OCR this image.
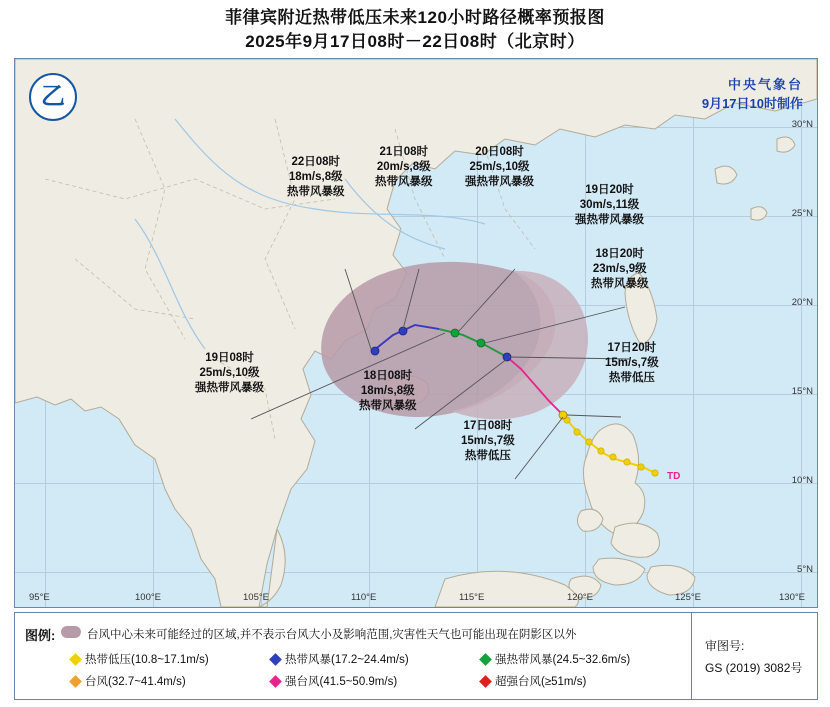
菲律宾附近热带低压未来120小时路径概率预报图
2025年9月17日08时－22日08时（北京时）
95°E	100°E	105°E	110°E	115°E	120°E	125°E	130°E
30°N
25°N
20°N
15°N
10°N
5°N
乙	中央气象台
9月17日10时制作
TD
22日08时
18m/s,8级
热带风暴级
21日08时
20m/s,8级
热带风暴级
20日08时
25m/s,10级
强热带风暴级
19日20时
30m/s,11级
强热带风暴级
18日20时
23m/s,9级
热带风暴级
17日20时
15m/s,7级
热带低压
19日08时
25m/s,10级
强热带风暴级
18日08时
18m/s,8级
热带风暴级
17日08时
15m/s,7级
热带低压
图例:	台风中心未来可能经过的区域,并不表示台风大小及影响范围,灾害性天气也可能出现在阴影区以外
热带低压(10.8~17.1m/s)	热带风暴(17.2~24.4m/s)	强热带风暴(24.5~32.6m/s)
台风(32.7~41.4m/s)	强台风(41.5~50.9m/s)	超强台风(≥51m/s)
审图号:
GS (2019) 3082号
